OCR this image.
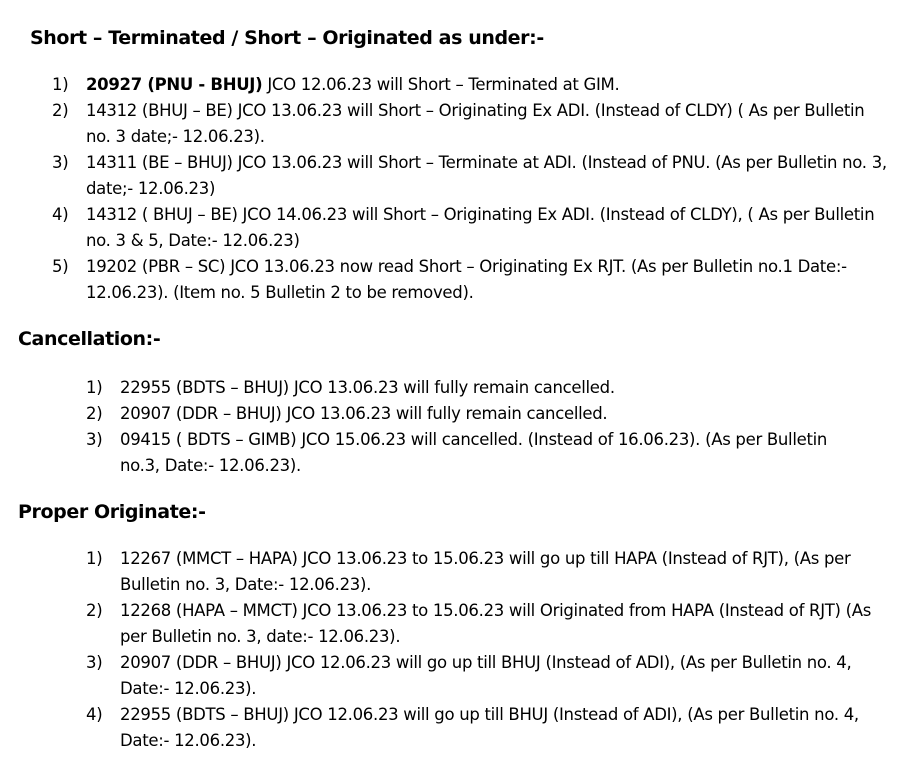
Short – Terminated / Short – Originated as under:-
1) 20927 (PNU - BHUJ) JCO 12.06.23 will Short – Terminated at GIM.
2) 14312 (BHUJ – BE) JCO 13.06.23 will Short – Originating Ex ADI. (Instead of CLDY) ( As per Bulletin no. 3 date;- 12.06.23).
3) 14311 (BE – BHUJ) JCO 13.06.23 will Short – Terminate at ADI. (Instead of PNU. (As per Bulletin no. 3, date;- 12.06.23)
4) 14312 ( BHUJ – BE) JCO 14.06.23 will Short – Originating Ex ADI. (Instead of CLDY), ( As per Bulletin no. 3 & 5, Date:- 12.06.23)
5) 19202 (PBR – SC) JCO 13.06.23 now read Short – Originating Ex RJT. (As per Bulletin no.1 Date:- 12.06.23). (Item no. 5 Bulletin 2 to be removed).
Cancellation:-
1) 22955 (BDTS – BHUJ) JCO 13.06.23 will fully remain cancelled.
2) 20907 (DDR – BHUJ) JCO 13.06.23 will fully remain cancelled.
3) 09415 ( BDTS – GIMB) JCO 15.06.23 will cancelled. (Instead of 16.06.23). (As per Bulletin no.3, Date:- 12.06.23).
Proper Originate:-
1) 12267 (MMCT – HAPA) JCO 13.06.23 to 15.06.23 will go up till HAPA (Instead of RJT), (As per Bulletin no. 3, Date:- 12.06.23).
2) 12268 (HAPA – MMCT) JCO 13.06.23 to 15.06.23 will Originated from HAPA (Instead of RJT) (As per Bulletin no. 3, date:- 12.06.23).
3) 20907 (DDR – BHUJ) JCO 12.06.23 will go up till BHUJ (Instead of ADI), (As per Bulletin no. 4, Date:- 12.06.23).
4) 22955 (BDTS – BHUJ) JCO 12.06.23 will go up till BHUJ (Instead of ADI), (As per Bulletin no. 4, Date:- 12.06.23).
